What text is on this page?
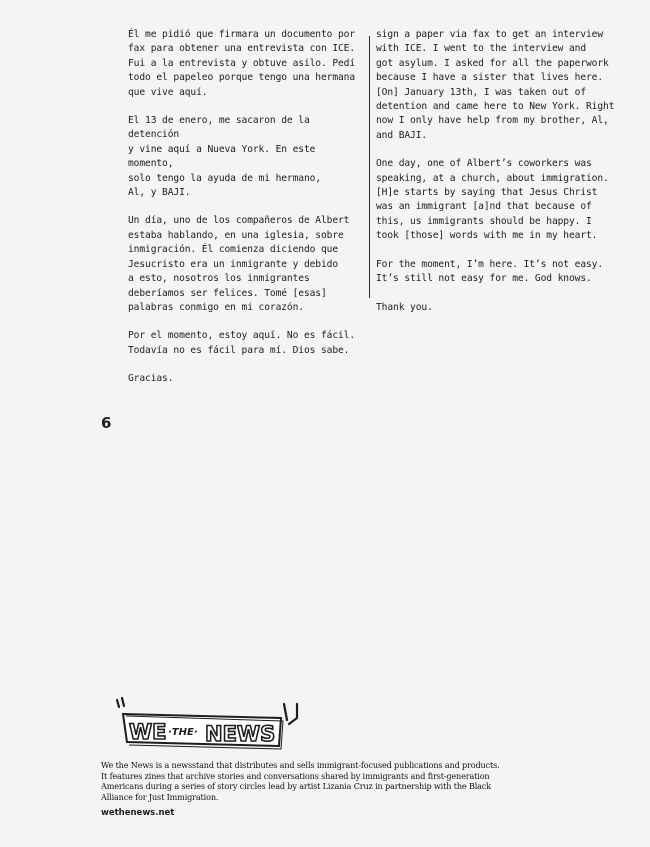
Él me pidió que firmara un documento por
fax para obtener una entrevista con ICE.
Fui a la entrevista y obtuve asilo. Pedí
todo el papeleo porque tengo una hermana
que vive aquí.

El 13 de enero, me sacaron de la detención
y vine aquí a Nueva York. En este momento,
solo tengo la ayuda de mi hermano,
Al, y BAJI.

Un día, uno de los compañeros de Albert
estaba hablando, en una iglesia, sobre
inmigración. Él comienza diciendo que
Jesucristo era un inmigrante y debido
a esto, nosotros los inmigrantes
deberíamos ser felices. Tomé [esas]
palabras conmigo en mi corazón.

Por el momento, estoy aquí. No es fácil.
Todavía no es fácil para mí. Dios sabe.

Gracias.

sign a paper via fax to get an interview
with ICE. I went to the interview and
got asylum. I asked for all the paperwork
because I have a sister that lives here.
[On] January 13th, I was taken out of
detention and came here to New York. Right
now I only have help from my brother, Al,
and BAJI.

One day, one of Albert’s coworkers was
speaking, at a church, about immigration.
[H]e starts by saying that Jesus Christ
was an immigrant [a]nd that because of
this, us immigrants should be happy. I
took [those] words with me in my heart.

For the moment, I’m here. It’s not easy.
It’s still not easy for me. God knows.

Thank you.

6
WE ·THE· NEWS

We the News is a newsstand that distributes and sells immigrant-focused publications and products. It features zines that archive stories and conversations shared by immigrants and first-generation Americans during a series of story circles lead by artist Lizania Cruz in partnership with the Black Alliance for Just Immigration.

wethenews.net
